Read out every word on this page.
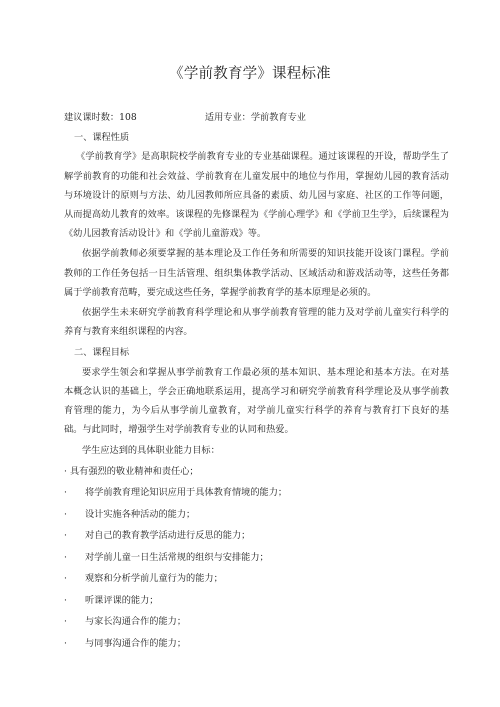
《学前教育学》课程标准
建议课时数：108	适用专业：学前教育专业
一、课程性质

《学前教育学》是高职院校学前教育专业的专业基础课程。通过该课程的开设，帮助学生了解学前教育的功能和社会效益、学前教育在儿童发展中的地位与作用，掌握幼儿园的教育活动与环境设计的原则与方法、幼儿园教师所应具备的素质、幼儿园与家庭、社区的工作等问题，从而提高幼儿教育的效率。该课程的先修课程为《学前心理学》和《学前卫生学》，后续课程为《幼儿园教育活动设计》和《学前儿童游戏》等。

依据学前教师必须要掌握的基本理论及工作任务和所需要的知识技能开设该门课程。学前教师的工作任务包括一日生活管理、组织集体教学活动、区域活动和游戏活动等，这些任务都属于学前教育范畴，要完成这些任务，掌握学前教育学的基本原理是必须的。

依据学生未来研究学前教育科学理论和从事学前教育管理的能力及对学前儿童实行科学的养育与教育来组织课程的内容。

二、课程目标

要求学生领会和掌握从事学前教育工作最必须的基本知识、基本理论和基本方法。在对基本概念认识的基础上，学会正确地联系运用，提高学习和研究学前教育科学理论及从事学前教育管理的能力，为今后从事学前儿童教育，对学前儿童实行科学的养育与教育打下良好的基础。与此同时，增强学生对学前教育专业的认同和热爱。

学生应达到的具体职业能力目标：

· 具有强烈的敬业精神和责任心；
·	将学前教育理论知识应用于具体教育情境的能力；
·	设计实施各种活动的能力；
·	对自己的教育教学活动进行反思的能力；
·	对学前儿童一日生活常规的组织与安排能力；
·	观察和分析学前儿童行为的能力；
·	听课评课的能力；
·	与家长沟通合作的能力；
·	与同事沟通合作的能力；
